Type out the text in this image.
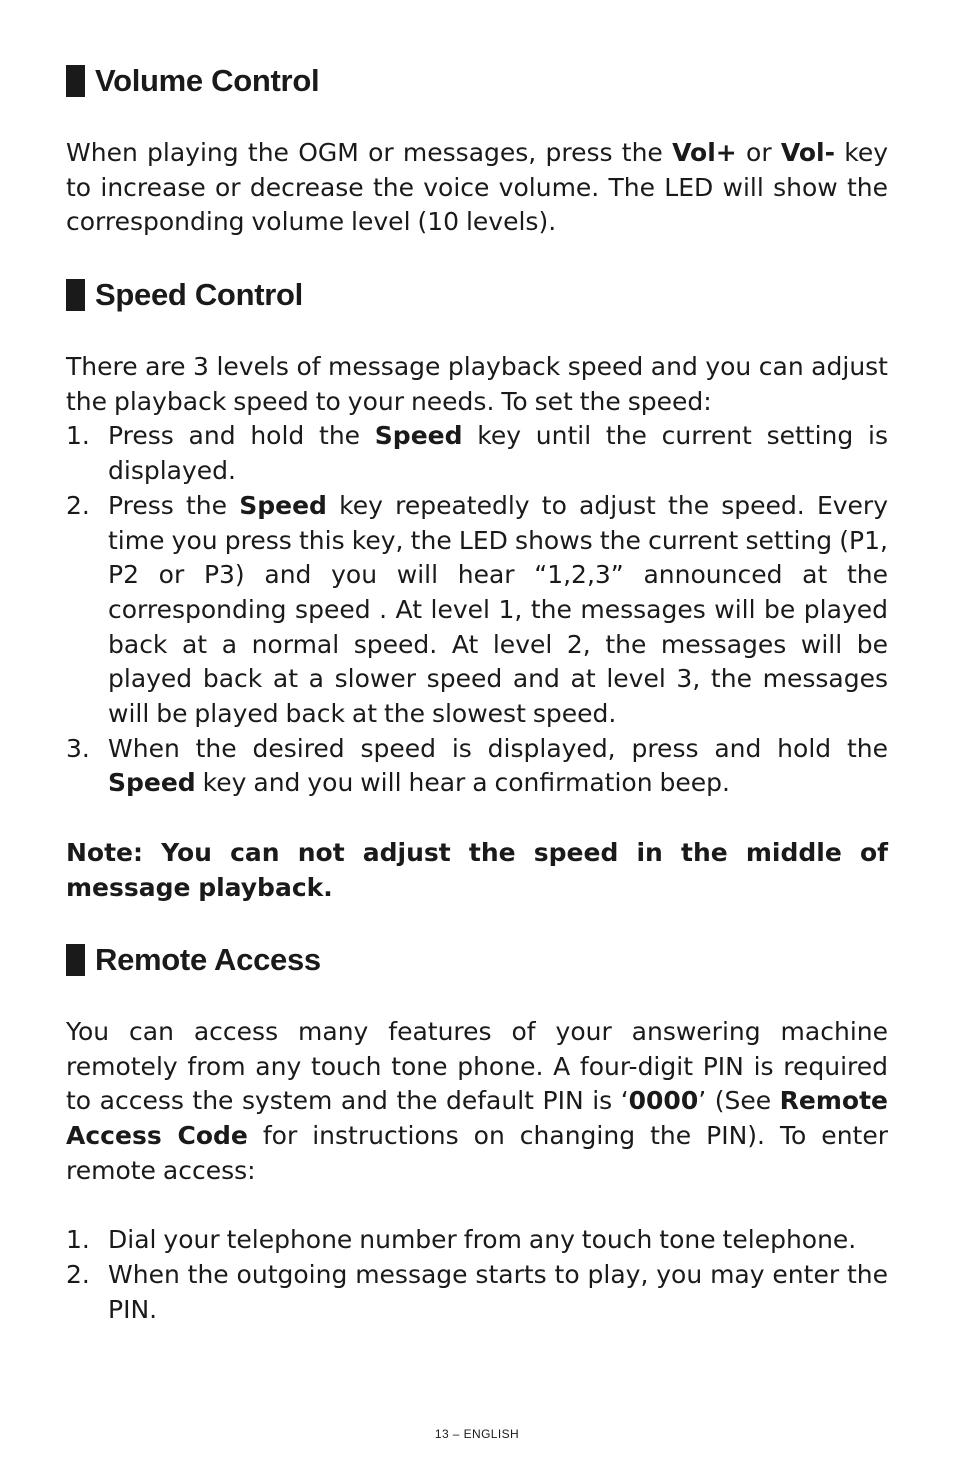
Volume Control

When playing the OGM or messages, press the Vol+ or Vol- key to increase or decrease the voice volume. The LED will show the corresponding volume level (10 levels).

Speed Control

There are 3 levels of message playback speed and you can adjust the playback speed to your needs. To set the speed:

1. Press and hold the Speed key until the current setting is displayed.
2. Press the Speed key repeatedly to adjust the speed. Every time you press this key, the LED shows the current setting (P1, P2 or P3) and you will hear “1,2,3” announced at the corresponding speed . At level 1, the messages will be played back at a normal speed. At level 2, the messages will be played back at a slower speed and at level 3, the messages will be played back at the slowest speed.
3. When the desired speed is displayed, press and hold the Speed key and you will hear a confirmation beep.

Note: You can not adjust the speed in the middle of message playback.

Remote Access

You can access many features of your answering machine remotely from any touch tone phone. A four-digit PIN is required to access the system and the default PIN is ‘0000’ (See Remote Access Code for instructions on changing the PIN). To enter remote access:

1. Dial your telephone number from any touch tone telephone.
2. When the outgoing message starts to play, you may enter the PIN.
13 – ENGLISH
